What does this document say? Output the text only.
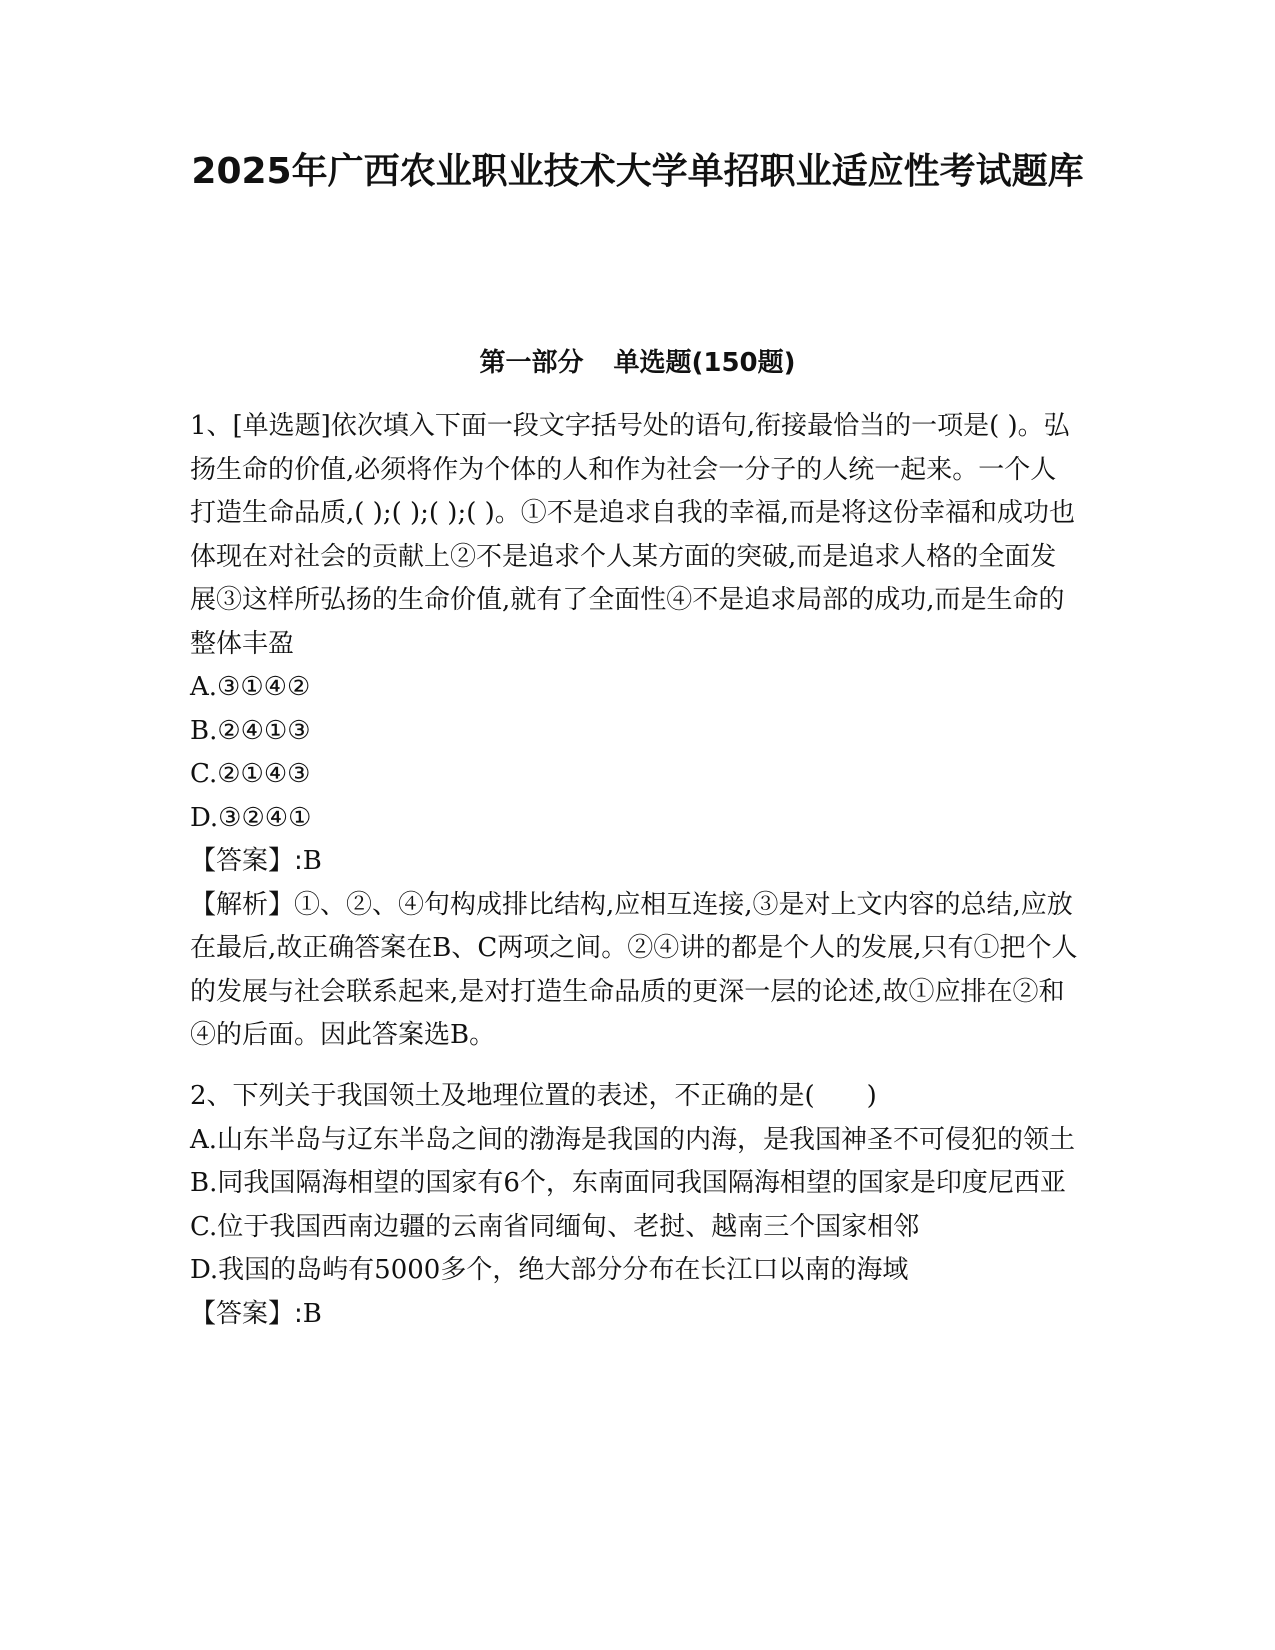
2025年广西农业职业技术大学单招职业适应性考试题库
第一部分 单选题(150题)

1、[单选题]依次填入下面一段文字括号处的语句,衔接最恰当的一项是( )。弘扬生命的价值,必须将作为个体的人和作为社会一分子的人统一起来。一个人打造生命品质,( );( );( );( )。①不是追求自我的幸福,而是将这份幸福和成功也体现在对社会的贡献上②不是追求个人某方面的突破,而是追求人格的全面发展③这样所弘扬的生命价值,就有了全面性④不是追求局部的成功,而是生命的整体丰盈

A.③①④②

B.②④①③

C.②①④③

D.③②④①

【答案】:B

【解析】①、②、④句构成排比结构,应相互连接,③是对上文内容的总结,应放在最后,故正确答案在B、C两项之间。②④讲的都是个人的发展,只有①把个人的发展与社会联系起来,是对打造生命品质的更深一层的论述,故①应排在②和④的后面。因此答案选B。

2、下列关于我国领土及地理位置的表述，不正确的是(　　)

A.山东半岛与辽东半岛之间的渤海是我国的内海，是我国神圣不可侵犯的领土

B.同我国隔海相望的国家有6个，东南面同我国隔海相望的国家是印度尼西亚

C.位于我国西南边疆的云南省同缅甸、老挝、越南三个国家相邻

D.我国的岛屿有5000多个，绝大部分分布在长江口以南的海域

【答案】:B
